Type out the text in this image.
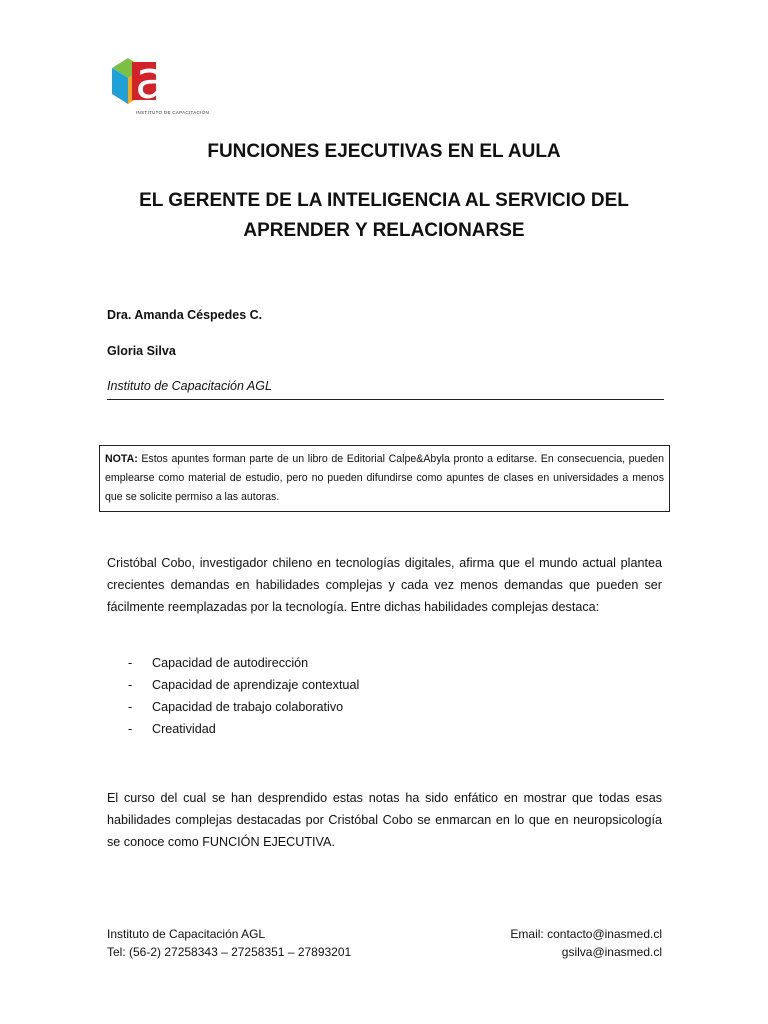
agl
INSTITUTO DE CAPACITACIÓN
FUNCIONES EJECUTIVAS EN EL AULA
EL GERENTE DE LA INTELIGENCIA AL SERVICIO DEL
APRENDER Y RELACIONARSE
Dra. Amanda Céspedes C.
Gloria Silva
Instituto de Capacitación AGL
NOTA: Estos apuntes forman parte de un libro de Editorial Calpe&Abyla pronto a editarse. En consecuencia, pueden emplearse como material de estudio, pero no pueden difundirse como apuntes de clases en universidades a menos que se solicite permiso a las autoras.
Cristóbal Cobo, investigador chileno en tecnologías digitales, afirma que el mundo actual plantea crecientes demandas en habilidades complejas y cada vez menos demandas que pueden ser fácilmente reemplazadas por la tecnología. Entre dichas habilidades complejas destaca:
-	Capacidad de autodirección
-	Capacidad de aprendizaje contextual
-	Capacidad de trabajo colaborativo
-	Creatividad
El curso del cual se han desprendido estas notas ha sido enfático en mostrar que todas esas habilidades complejas destacadas por Cristóbal Cobo se enmarcan en lo que en neuropsicología se conoce como FUNCIÓN EJECUTIVA.
Instituto de Capacitación AGL
Tel: (56-2) 27258343 – 27258351 – 27893201
Email: contacto@inasmed.cl
gsilva@inasmed.cl
